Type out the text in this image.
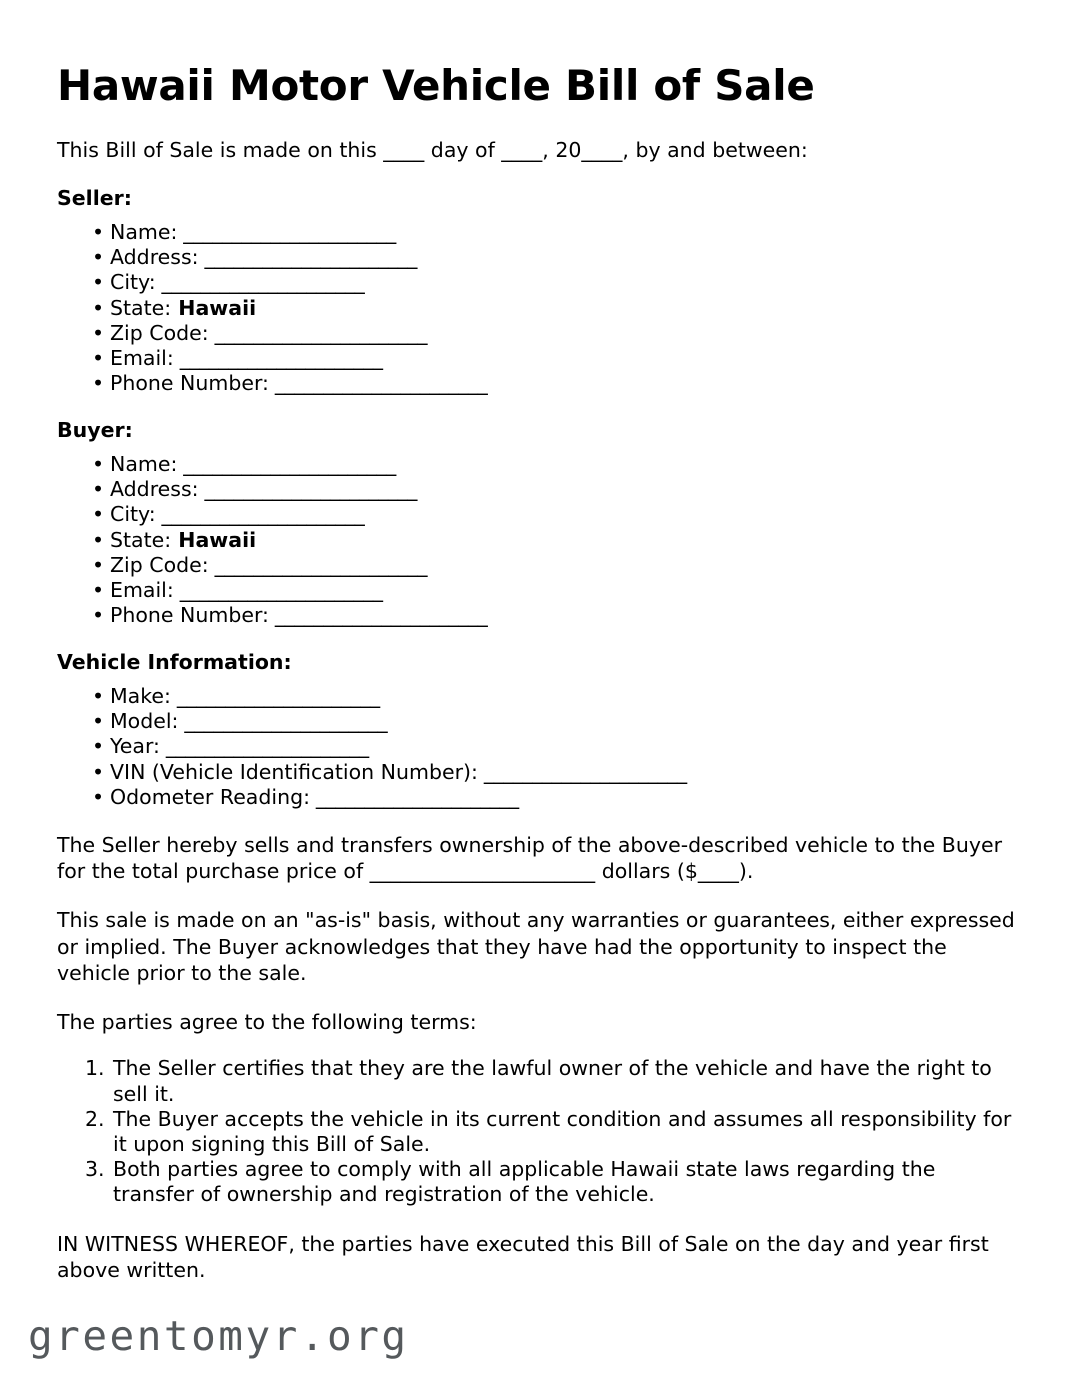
Hawaii Motor Vehicle Bill of Sale

This Bill of Sale is made on this ____ day of ____, 20____, by and between:

Seller:
• Name: ______________________
• Address: ______________________
• City: _____________________
• State: Hawaii
• Zip Code: ______________________
• Email: _____________________
• Phone Number: ______________________
Buyer:
• Name: ______________________
• Address: ______________________
• City: _____________________
• State: Hawaii
• Zip Code: ______________________
• Email: _____________________
• Phone Number: ______________________
Vehicle Information:
• Make: _____________________
• Model: _____________________
• Year: _____________________
• VIN (Vehicle Identification Number): _____________________
• Odometer Reading: _____________________

The Seller hereby sells and transfers ownership of the above-described vehicle to the Buyer for the total purchase price of ______________________ dollars ($____).

This sale is made on an "as-is" basis, without any warranties or guarantees, either expressed or implied. The Buyer acknowledges that they have had the opportunity to inspect the vehicle prior to the sale.

The parties agree to the following terms:

The Seller certifies that they are the lawful owner of the vehicle and have the right to sell it.
The Buyer accepts the vehicle in its current condition and assumes all responsibility for it upon signing this Bill of Sale.
Both parties agree to comply with all applicable Hawaii state laws regarding the transfer of ownership and registration of the vehicle.

IN WITNESS WHEREOF, the parties have executed this Bill of Sale on the day and year first above written.

greentomyr.org
